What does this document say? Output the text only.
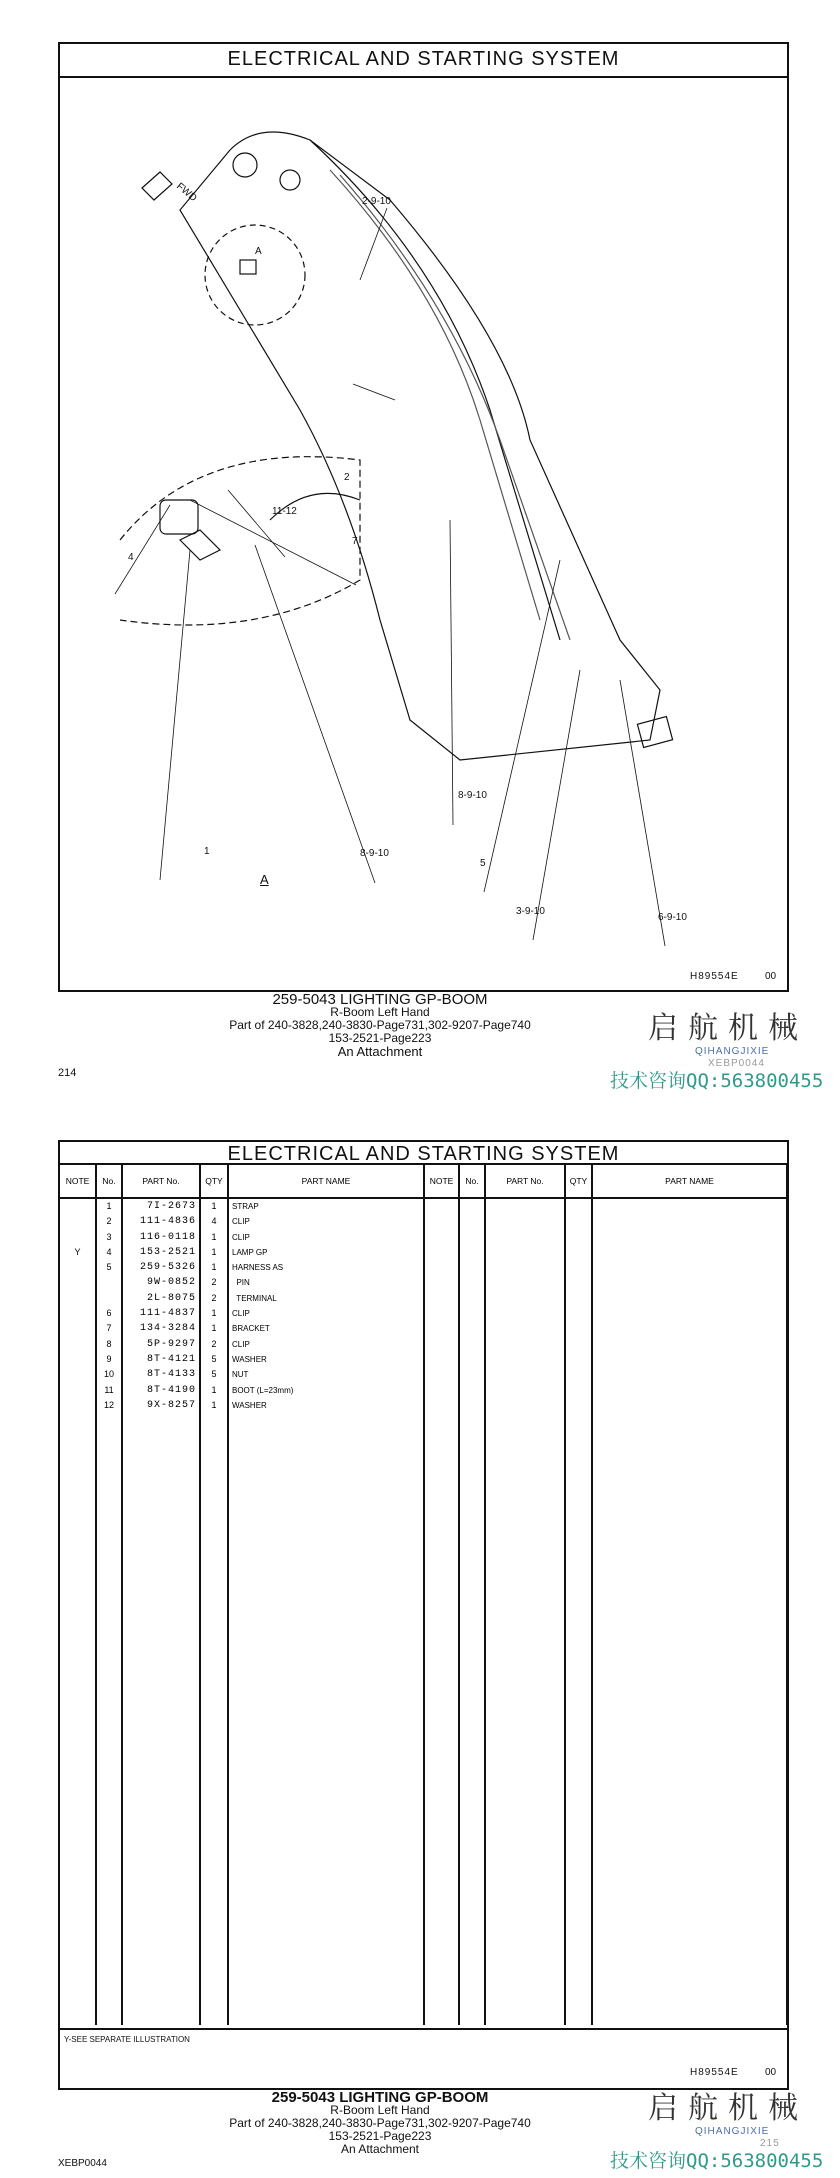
ELECTRICAL AND STARTING SYSTEM
FWD
A
2-9-10
2
11-12
7
4
8-9-10
1	8-9-10
5
A
3-9-10
6-9-10
H89554E	00
259-5043 LIGHTING GP-BOOM
R-Boom Left Hand
Part of 240-3828,240-3830-Page731,302-9207-Page740
153-2521-Page223
An Attachment
214
启航机械
QIHANGJIXIE
XEBP0044
技术咨询QQ:563800455
ELECTRICAL AND STARTING SYSTEM
Y-SEE SEPARATE ILLUSTRATION
H89554E	00
NOTE	No.	PART No.	QTY	PART NAME	NOTE	No.	PART No.	QTY	PART NAME
	1	7I-2673	1	STRAP					
	2	111-4836	4	CLIP					
	3	116-0118	1	CLIP					
Y	4	153-2521	1	LAMP GP					
	5	259-5326	1	HARNESS AS					
		9W-0852	2	PIN					
		2L-8075	2	TERMINAL					
	6	111-4837	1	CLIP					
	7	134-3284	1	BRACKET					
	8	5P-9297	2	CLIP					
	9	8T-4121	5	WASHER					
	10	8T-4133	5	NUT					
	11	8T-4190	1	BOOT (L=23mm)					
	12	9X-8257	1	WASHER					

259-5043 LIGHTING GP-BOOM
R-Boom Left Hand
Part of 240-3828,240-3830-Page731,302-9207-Page740
153-2521-Page223
An Attachment
XEBP0044
启航机械
QIHANGJIXIE
215
技术咨询QQ:563800455
